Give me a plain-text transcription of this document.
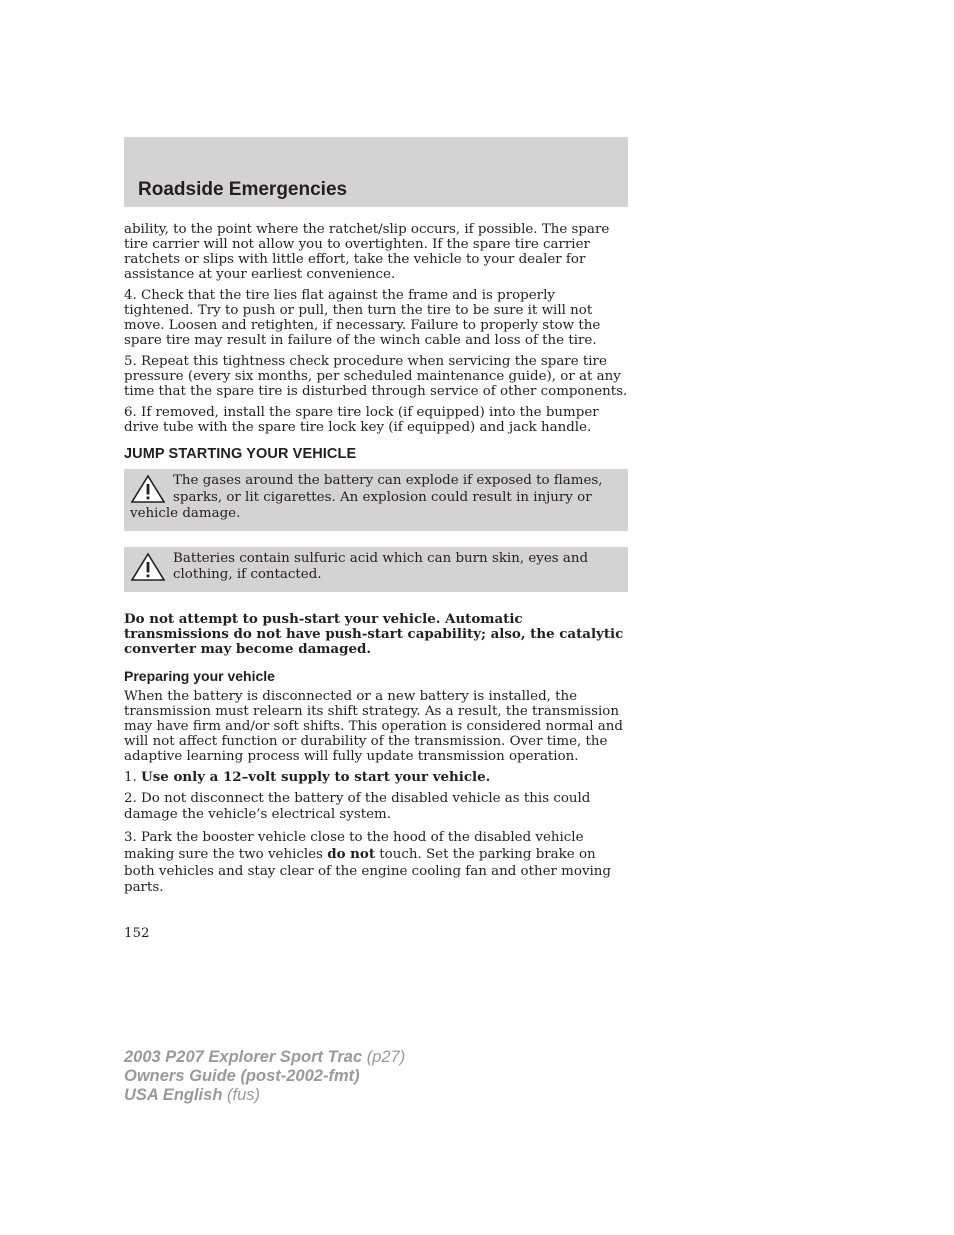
Roadside Emergencies

ability, to the point where the ratchet/slip occurs, if possible. The spare tire carrier will not allow you to overtighten. If the spare tire carrier ratchets or slips with little effort, take the vehicle to your dealer for assistance at your earliest convenience.

4. Check that the tire lies flat against the frame and is properly tightened. Try to push or pull, then turn the tire to be sure it will not move. Loosen and retighten, if necessary. Failure to properly stow the spare tire may result in failure of the winch cable and loss of the tire.

5. Repeat this tightness check procedure when servicing the spare tire pressure (every six months, per scheduled maintenance guide), or at any time that the spare tire is disturbed through service of other components.

6. If removed, install the spare tire lock (if equipped) into the bumper drive tube with the spare tire lock key (if equipped) and jack handle.

JUMP STARTING YOUR VEHICLE
The gases around the battery can explode if exposed to flames, sparks, or lit cigarettes. An explosion could result in injury or vehicle damage.
Batteries contain sulfuric acid which can burn skin, eyes and clothing, if contacted.

Do not attempt to push-start your vehicle. Automatic transmissions do not have push-start capability; also, the catalytic converter may become damaged.

Preparing your vehicle

When the battery is disconnected or a new battery is installed, the transmission must relearn its shift strategy. As a result, the transmission may have firm and/or soft shifts. This operation is considered normal and will not affect function or durability of the transmission. Over time, the adaptive learning process will fully update transmission operation.

1. Use only a 12–volt supply to start your vehicle.

2. Do not disconnect the battery of the disabled vehicle as this could damage the vehicle’s electrical system.

3. Park the booster vehicle close to the hood of the disabled vehicle making sure the two vehicles do not touch. Set the parking brake on both vehicles and stay clear of the engine cooling fan and other moving parts.

152
2003 P207 Explorer Sport Trac (p27)
Owners Guide (post-2002-fmt)
USA English (fus)
